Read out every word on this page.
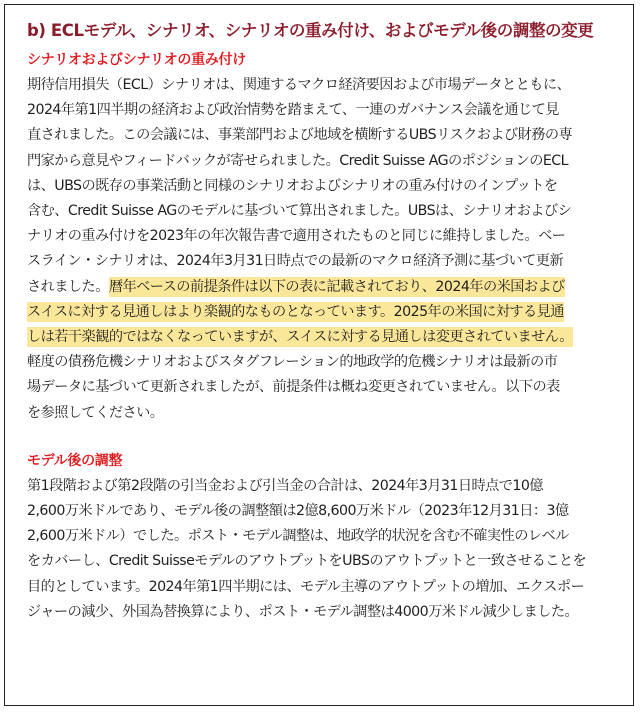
b) ECLモデル、シナリオ、シナリオの重み付け、およびモデル後の調整の変更
シナリオおよびシナリオの重み付け

期待信用損失（ECL）シナリオは、関連するマクロ経済要因および市場データとともに、
2024年第1四半期の経済および政治情勢を踏まえて、一連のガバナンス会議を通じて見
直されました。この会議には、事業部門および地域を横断するUBSリスクおよび財務の専
門家から意見やフィードバックが寄せられました。Credit Suisse AGのポジションのECL
は、UBSの既存の事業活動と同様のシナリオおよびシナリオの重み付けのインプットを
含む、Credit Suisse AGのモデルに基づいて算出されました。UBSは、シナリオおよびシ
ナリオの重み付けを2023年の年次報告書で適用されたものと同じに維持しました。ベー
スライン・シナリオは、2024年3月31日時点での最新のマクロ経済予測に基づいて更新
されました。暦年ベースの前提条件は以下の表に記載されており、2024年の米国および
スイスに対する見通しはより楽観的なものとなっています。2025年の米国に対する見通
しは若干楽観的ではなくなっていますが、スイスに対する見通しは変更されていません。
軽度の債務危機シナリオおよびスタグフレーション的地政学的危機シナリオは最新の市
場データに基づいて更新されましたが、前提条件は概ね変更されていません。以下の表
を参照してください。

モデル後の調整

第1段階および第2段階の引当金および引当金の合計は、2024年3月31日時点で10億
2,600万米ドルであり、モデル後の調整額は2億8,600万米ドル（2023年12月31日：3億
2,600万米ドル）でした。ポスト・モデル調整は、地政学的状況を含む不確実性のレベル
をカバーし、Credit SuisseモデルのアウトプットをUBSのアウトプットと一致させることを
目的としています。2024年第1四半期には、モデル主導のアウトプットの増加、エクスポー
ジャーの減少、外国為替換算により、ポスト・モデル調整は4000万米ドル減少しました。
